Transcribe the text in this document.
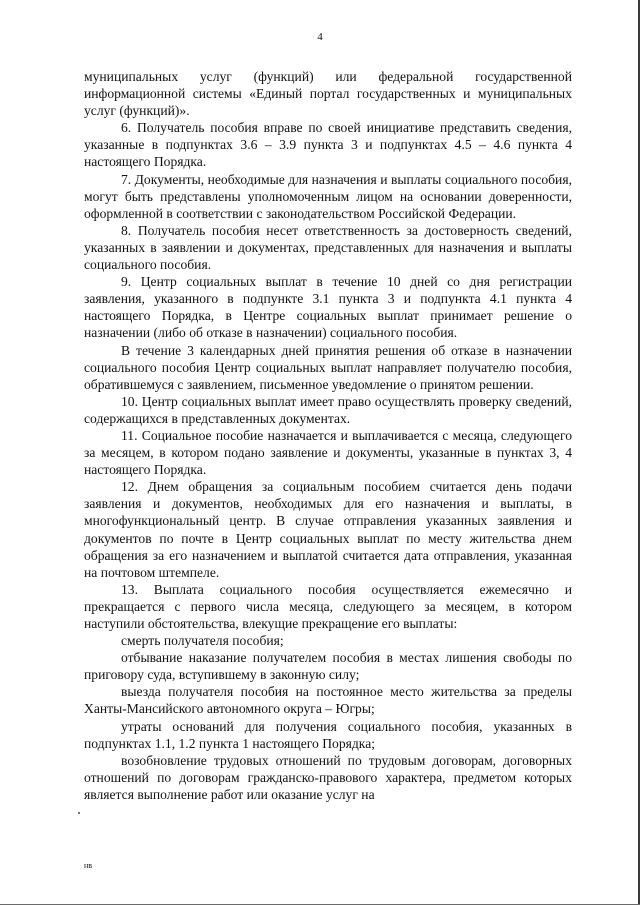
4

муниципальных услуг (функций) или федеральной государственной информационной системы «Единый портал государственных и муниципальных услуг (функций)».

6. Получатель пособия вправе по своей инициативе представить сведения, указанные в подпунктах 3.6 – 3.9 пункта 3 и подпунктах 4.5 – 4.6 пункта 4 настоящего Порядка.

7. Документы, необходимые для назначения и выплаты социального пособия, могут быть представлены уполномоченным лицом на основании доверенности, оформленной в соответствии с законодательством Российской Федерации.

8. Получатель пособия несет ответственность за достоверность сведений, указанных в заявлении и документах, представленных для назначения и выплаты социального пособия.

9. Центр социальных выплат в течение 10 дней со дня регистрации заявления, указанного в подпункте 3.1 пункта 3 и подпункта 4.1 пункта 4 настоящего Порядка, в Центре социальных выплат принимает решение о назначении (либо об отказе в назначении) социального пособия.

В течение 3 календарных дней принятия решения об отказе в назначении социального пособия Центр социальных выплат направляет получателю пособия, обратившемуся с заявлением, письменное уведомление о принятом решении.

10. Центр социальных выплат имеет право осуществлять проверку сведений, содержащихся в представленных документах.

11. Социальное пособие назначается и выплачивается с месяца, следующего за месяцем, в котором подано заявление и документы, указанные в пунктах 3, 4 настоящего Порядка.

12. Днем обращения за социальным пособием считается день подачи заявления и документов, необходимых для его назначения и выплаты, в многофункциональный центр. В случае отправления указанных заявления и документов по почте в Центр социальных выплат по месту жительства днем обращения за его назначением и выплатой считается дата отправления, указанная на почтовом штемпеле.

13. Выплата социального пособия осуществляется ежемесячно и прекращается с первого числа месяца, следующего за месяцем, в котором наступили обстоятельства, влекущие прекращение его выплаты:

смерть получателя пособия;

отбывание наказание получателем пособия в местах лишения свободы по приговору суда, вступившему в законную силу;

выезда получателя пособия на постоянное место жительства за пределы Ханты-Мансийского автономного округа – Югры;

утраты оснований для получения социального пособия, указанных в подпунктах 1.1, 1.2 пункта 1 настоящего Порядка;

возобновление трудовых отношений по трудовым договорам, договорных отношений по договорам гражданско-правового характера, предметом которых является выполнение работ или оказание услуг на

нв
